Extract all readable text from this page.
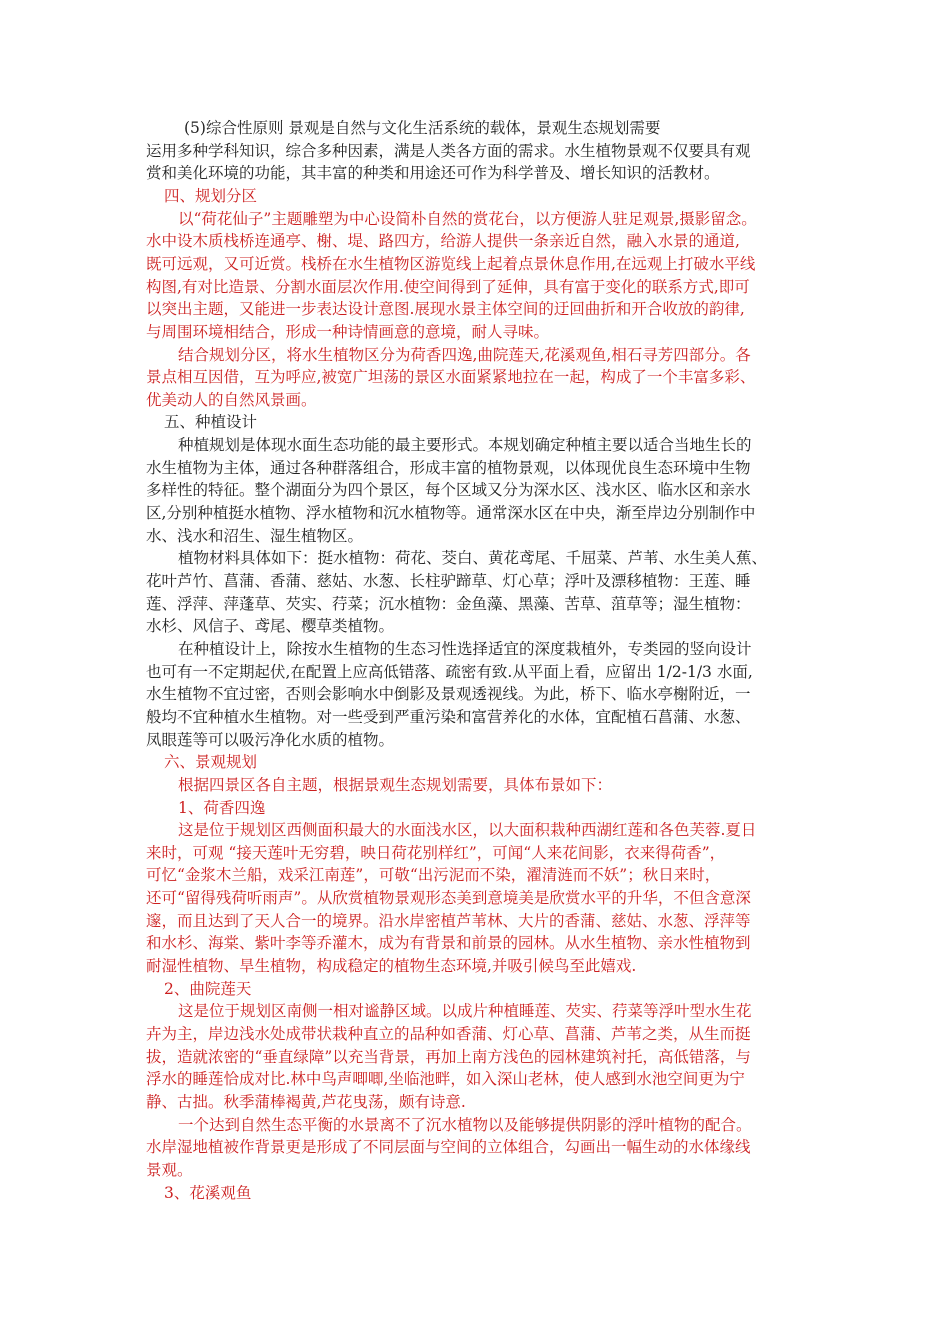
(5)综合性原则 景观是自然与文化生活系统的载体，景观生态规划需要
运用多种学科知识，综合多种因素，满是人类各方面的需求。水生植物景观不仅要具有观
赏和美化环境的功能，其丰富的种类和用途还可作为科学普及、增长知识的活教材。
四、规划分区
以“荷花仙子”主题雕塑为中心设简朴自然的赏花台，以方便游人驻足观景,摄影留念。
水中设木质栈桥连通亭、榭、堤、路四方，给游人提供一条亲近自然，融入水景的通道,
既可远观，又可近赏。栈桥在水生植物区游览线上起着点景休息作用,在远观上打破水平线
构图,有对比造景、分割水面层次作用.使空间得到了延伸，具有富于变化的联系方式,即可
以突出主题，又能进一步表达设计意图.展现水景主体空间的迂回曲折和开合收放的韵律,
与周围环境相结合，形成一种诗情画意的意境，耐人寻味。
结合规划分区，将水生植物区分为荷香四逸,曲院莲天,花溪观鱼,相石寻芳四部分。各
景点相互因借，互为呼应,被宽广坦荡的景区水面紧紧地拉在一起，构成了一个丰富多彩、
优美动人的自然风景画。
五、种植设计
种植规划是体现水面生态功能的最主要形式。本规划确定种植主要以适合当地生长的
水生植物为主体，通过各种群落组合，形成丰富的植物景观，以体现优良生态环境中生物
多样性的特征。整个湖面分为四个景区，每个区域又分为深水区、浅水区、临水区和亲水
区,分别种植挺水植物、浮水植物和沉水植物等。通常深水区在中央，渐至岸边分别制作中
水、浅水和沼生、湿生植物区。
植物材料具体如下：挺水植物：荷花、茭白、黄花鸢尾、千屈菜、芦苇、水生美人蕉、
花叶芦竹、菖蒲、香蒲、慈姑、水葱、长柱驴蹄草、灯心草；浮叶及漂移植物：王莲、睡
莲、浮萍、萍蓬草、芡实、荇菜；沉水植物：金鱼藻、黑藻、苦草、菹草等；湿生植物：
水杉、风信子、鸢尾、樱草类植物。
在种植设计上，除按水生植物的生态习性选择适宜的深度栽植外，专类园的竖向设计
也可有一不定期起伏,在配置上应高低错落、疏密有致.从平面上看，应留出 1/2-1/3 水面,
水生植物不宜过密，否则会影响水中倒影及景观透视线。为此，桥下、临水亭榭附近，一
般均不宜种植水生植物。对一些受到严重污染和富营养化的水体，宜配植石菖蒲、水葱、
凤眼莲等可以吸污净化水质的植物。
六、景观规划
根据四景区各自主题，根据景观生态规划需要，具体布景如下：
1、荷香四逸
这是位于规划区西侧面积最大的水面浅水区，以大面积栽种西湖红莲和各色芙蓉.夏日
来时，可观 “接天莲叶无穷碧，映日荷花别样红”，可闻“人来花间影，衣来得荷香”，
可忆“金浆木兰船，戏采江南莲”，可敬“出污泥而不染，濯清涟而不妖”；秋日来时，
还可“留得残荷听雨声”。从欣赏植物景观形态美到意境美是欣赏水平的升华，不但含意深
邃，而且达到了天人合一的境界。沿水岸密植芦苇林、大片的香蒲、慈姑、水葱、浮萍等
和水杉、海棠、紫叶李等乔灌木，成为有背景和前景的园林。从水生植物、亲水性植物到
耐湿性植物、旱生植物，构成稳定的植物生态环境,并吸引候鸟至此嬉戏.
2、曲院莲天
这是位于规划区南侧一相对谧静区域。以成片种植睡莲、芡实、荇菜等浮叶型水生花
卉为主，岸边浅水处成带状栽种直立的品种如香蒲、灯心草、菖蒲、芦苇之类，从生而挺
拔，造就浓密的“垂直绿障”以充当背景，再加上南方浅色的园林建筑衬托，高低错落，与
浮水的睡莲恰成对比.林中鸟声唧唧,坐临池畔，如入深山老林，使人感到水池空间更为宁
静、古拙。秋季蒲棒褐黄,芦花曳荡，颇有诗意.
一个达到自然生态平衡的水景离不了沉水植物以及能够提供阴影的浮叶植物的配合。
水岸湿地植被作背景更是形成了不同层面与空间的立体组合，勾画出一幅生动的水体缘线
景观。
3、花溪观鱼
